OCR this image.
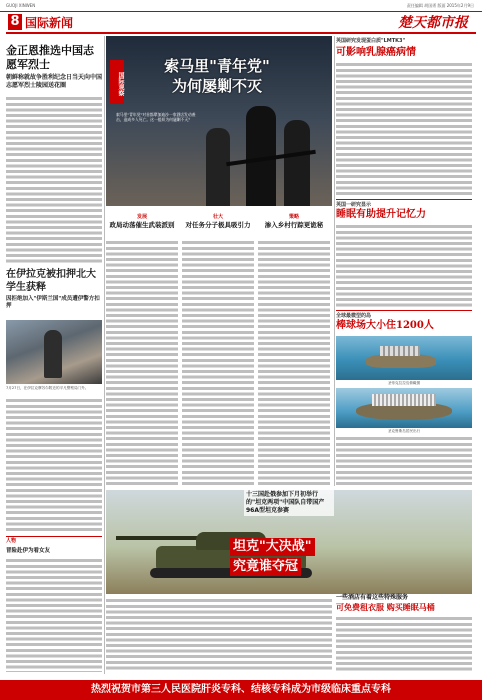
GUOJI XINWEN	责任编辑 胡国勇 版面 2015年2月9日
8 国际新闻	楚天都市报
金正恩推选中国志愿军烈士
朝鲜称就故争胜利纪念日当天向中国志愿军烈士陵园送花圈
在伊拉克被扣押北大学生获释
因拒绝加入"伊斯兰国"成员遭伊警方扣押
7月27日，在伊拉克摩苏尔附近的平凡警察局门外。
人物
冒险赴伊为看女友
国际观察
索马里"青年党"
为何屡剿不灭
索马里"青年党"对首都摩加迪沙一家酒店发动袭击，造成多人死亡。这一组织为何屡剿不灭？
发展
政局动荡催生武装派别
壮大
对任务分子极具吸引力
策略
渗入乡村行踪更诡秘
英国研究发现蛋白质"LMTK3"
可影响乳腺癌病情
英国一研究显示
睡眠有助提升记忆力
全球最微型的岛
棒球场大小住1200人
圣蒂克拉拉岛俯瞰图
圣克鲁斯岛居民出行
十三国赴俄参加下月初举行的"坦克两项"中国队自带国产96A型坦克参赛
坦克"大决战"
究竟谁夺冠
一些酒店有着这些特殊服务
可免费租衣服 购买睡眠马桶
热烈祝贺市第三人民医院肝炎专科、结核专科成为市级临床重点专科
